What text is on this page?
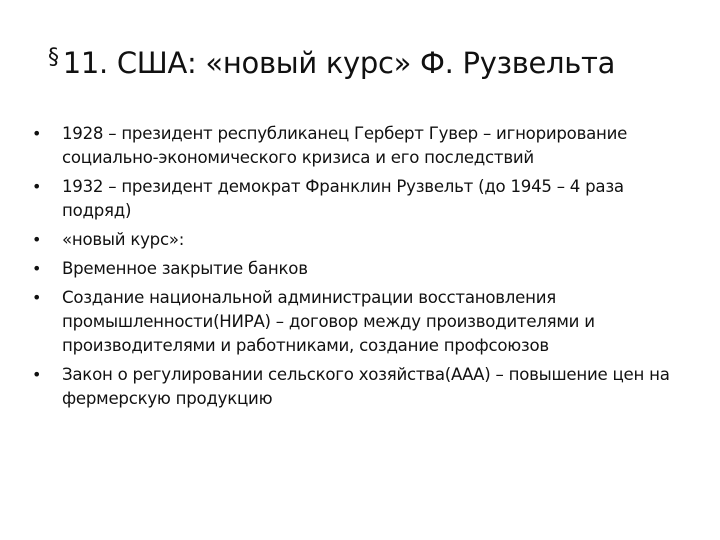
§ 11. США: «новый курс» Ф. Рузвельта
• 1928 – президент республиканец Герберт Гувер – игнорирование социально-экономического кризиса и его последствий
• 1932 – президент демократ Франклин Рузвельт (до 1945 – 4 раза подряд)
• «новый курс»:
• Временное закрытие банков
• Создание национальной администрации восстановления промышленности(НИРА) – договор между производителями и производителями и работниками, создание профсоюзов
• Закон о регулировании сельского хозяйства(ААА) – повышение цен на фермерскую продукцию
